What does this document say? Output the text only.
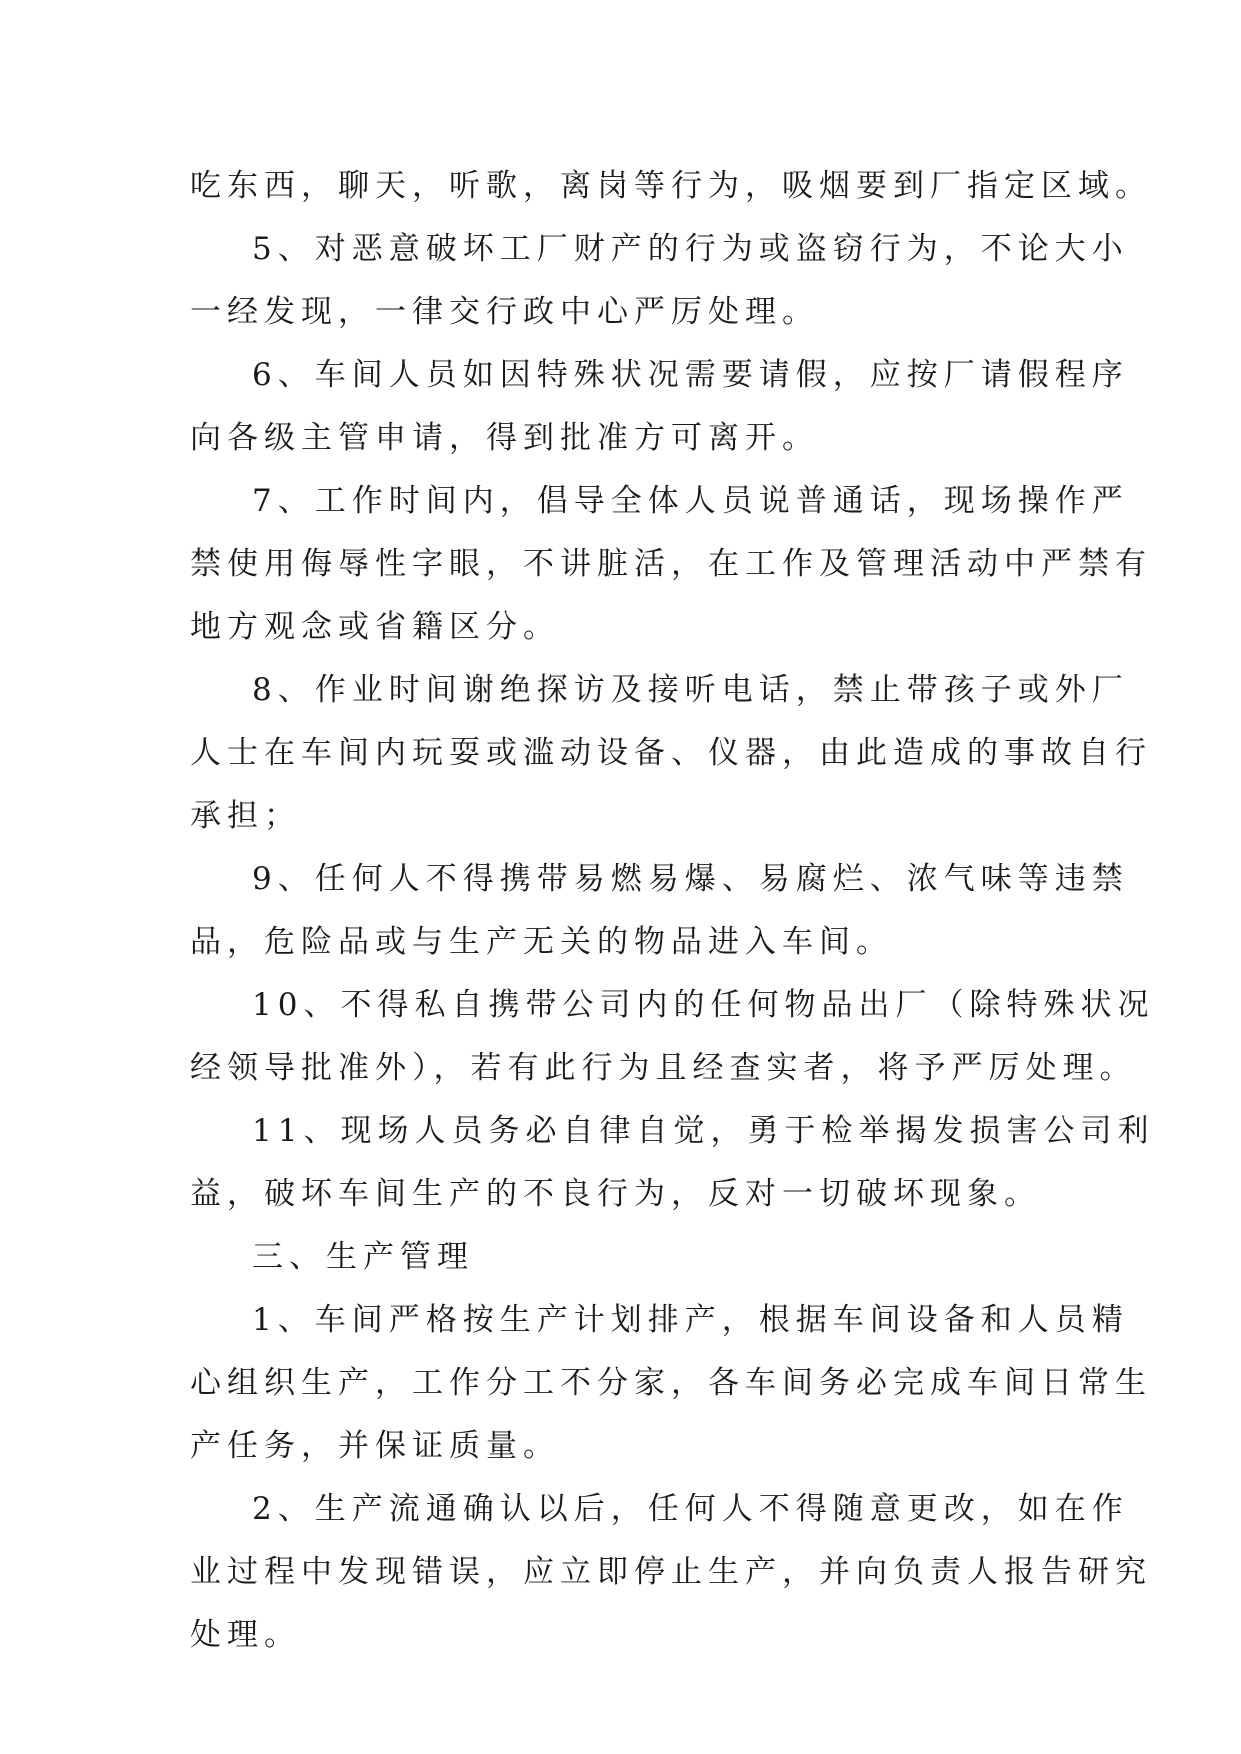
吃东西，聊天，听歌，离岗等行为，吸烟要到厂指定区域。
5、对恶意破坏工厂财产的行为或盗窃行为，不论大小
一经发现，一律交行政中心严厉处理。
6、车间人员如因特殊状况需要请假，应按厂请假程序
向各级主管申请，得到批准方可离开。
7、工作时间内，倡导全体人员说普通话，现场操作严
禁使用侮辱性字眼，不讲脏活，在工作及管理活动中严禁有
地方观念或省籍区分。
8、作业时间谢绝探访及接听电话，禁止带孩子或外厂
人士在车间内玩耍或滥动设备、仪器，由此造成的事故自行
承担；
9、任何人不得携带易燃易爆、易腐烂、浓气味等违禁
品，危险品或与生产无关的物品进入车间。
10、不得私自携带公司内的任何物品出厂（除特殊状况
经领导批准外），若有此行为且经查实者，将予严厉处理。
11、现场人员务必自律自觉，勇于检举揭发损害公司利
益，破坏车间生产的不良行为，反对一切破坏现象。
三、生产管理
1、车间严格按生产计划排产，根据车间设备和人员精
心组织生产，工作分工不分家，各车间务必完成车间日常生
产任务，并保证质量。
2、生产流通确认以后，任何人不得随意更改，如在作
业过程中发现错误，应立即停止生产，并向负责人报告研究
处理。
